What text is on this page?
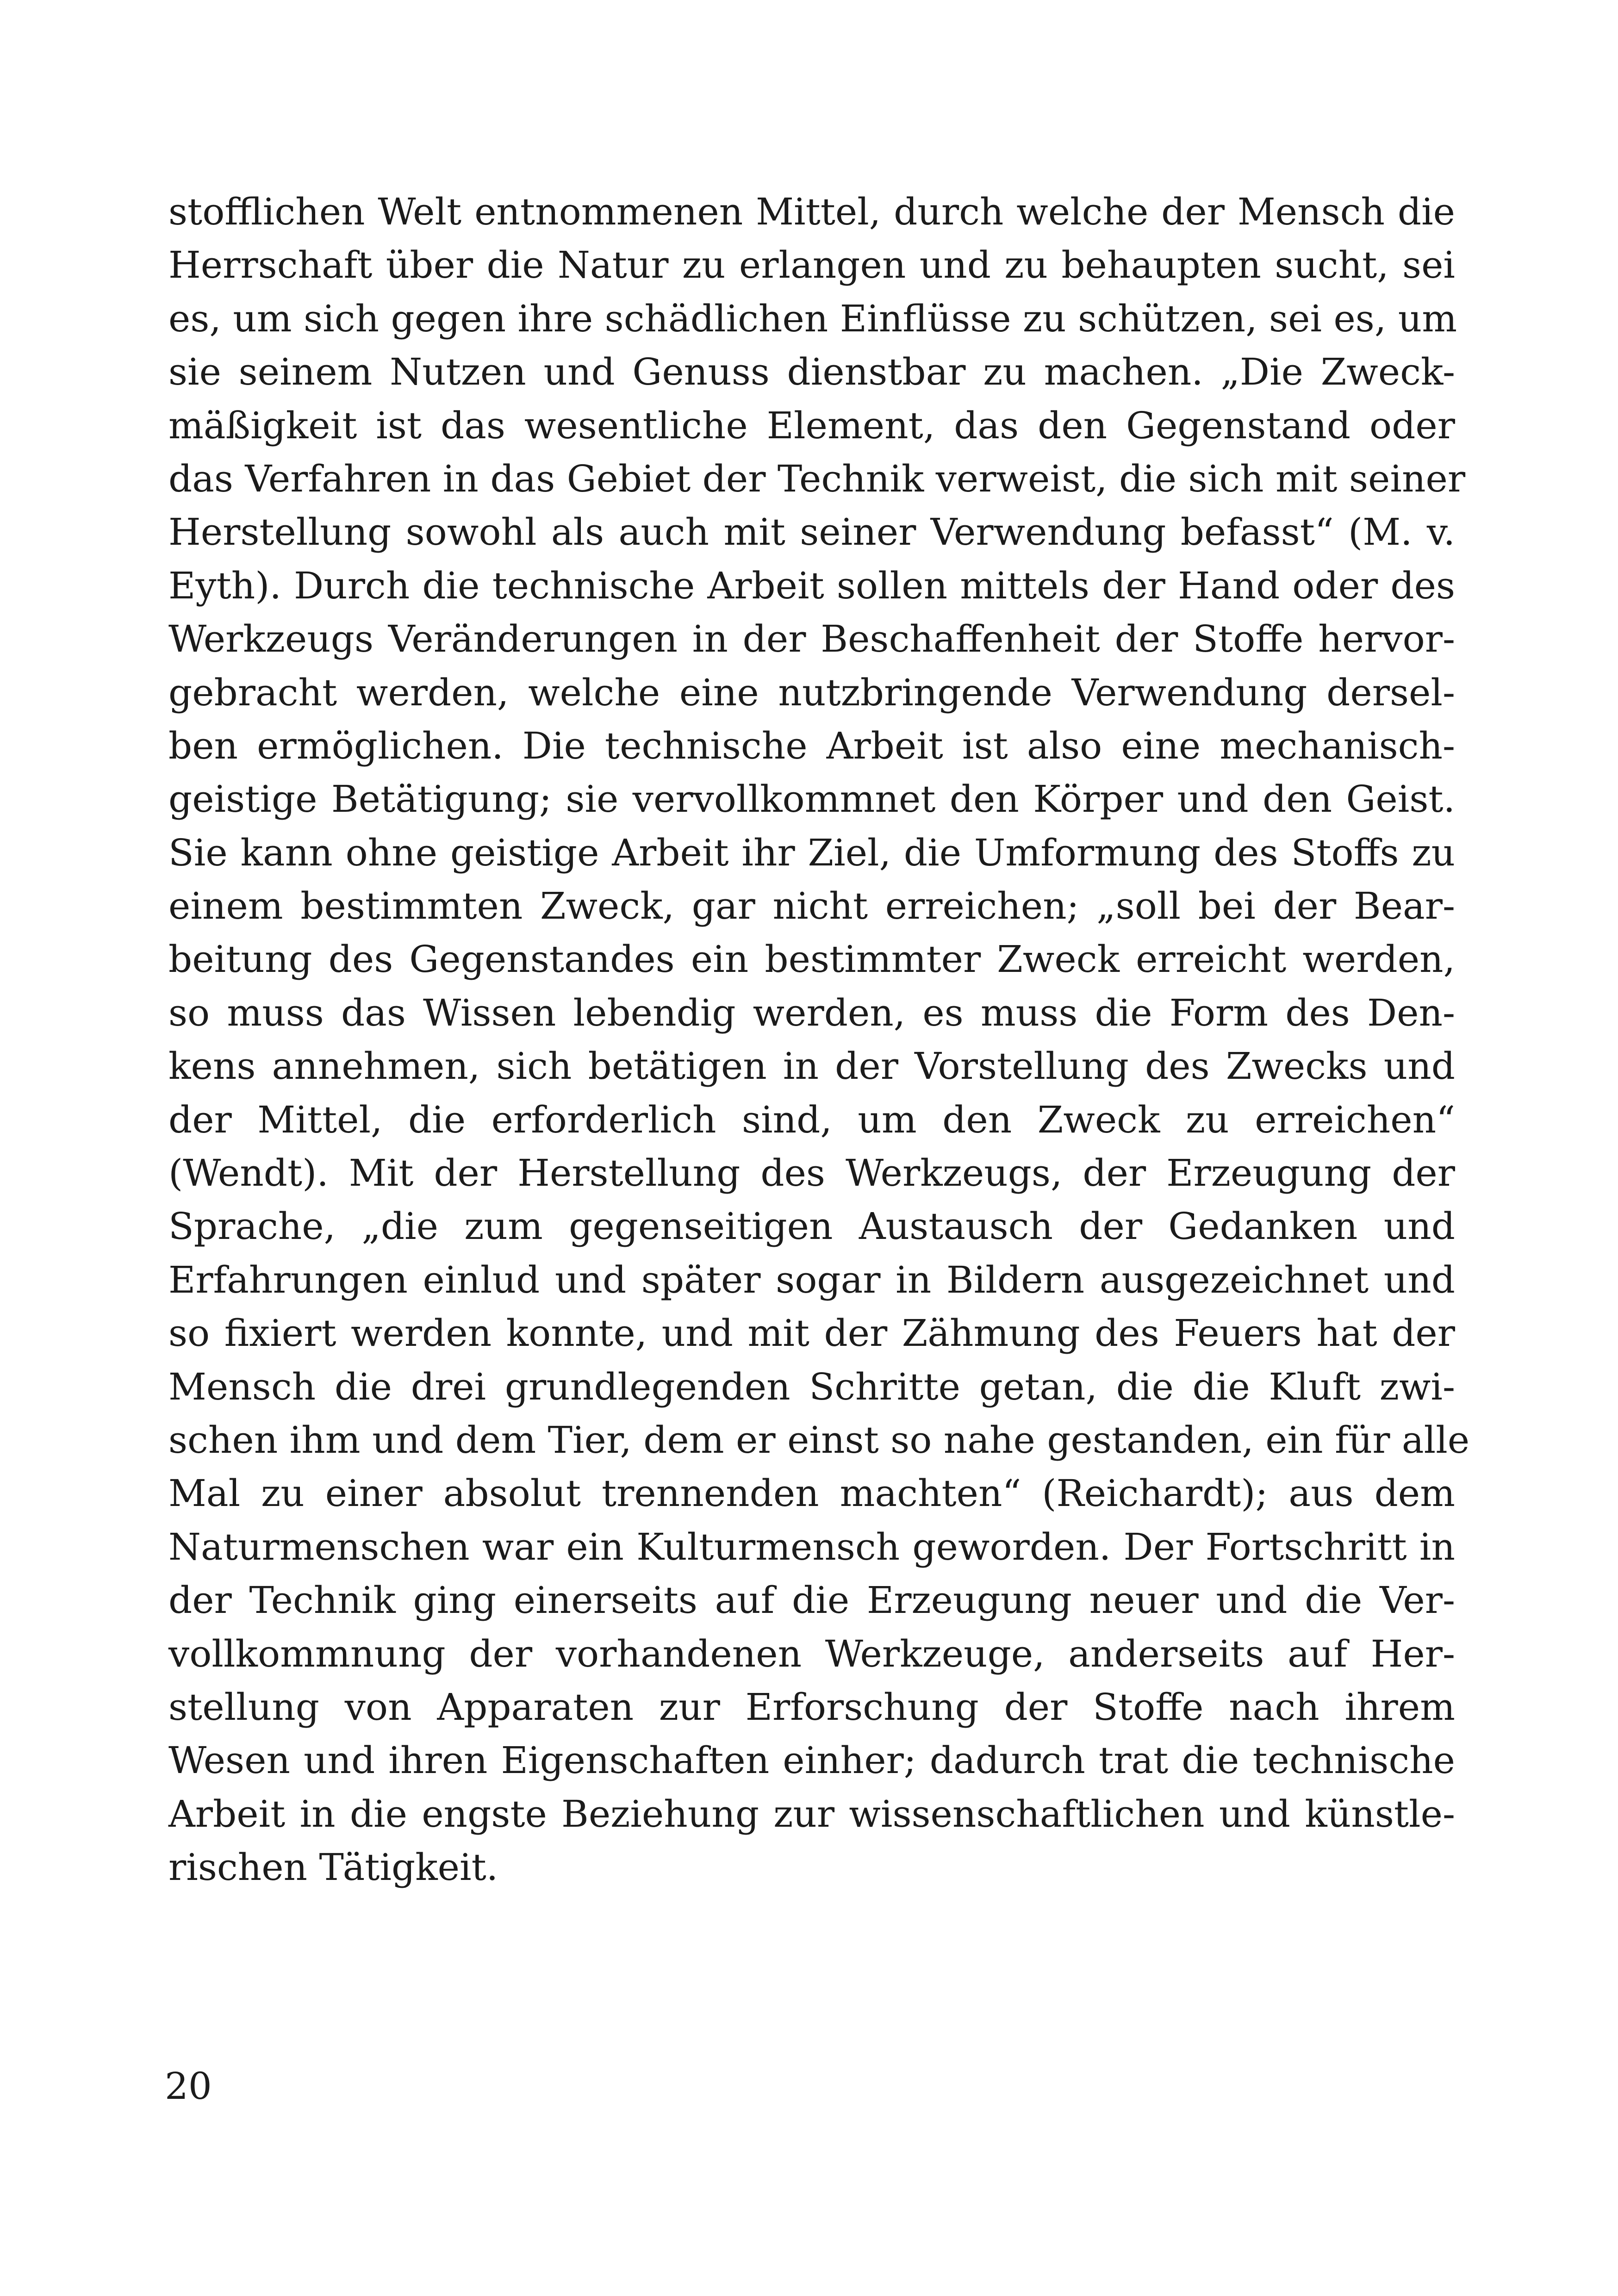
stofflichen Welt entnommenen Mittel, durch welche der Mensch die
Herrschaft über die Natur zu erlangen und zu behaupten sucht, sei
es, um sich gegen ihre schädlichen Einflüsse zu schützen, sei es, um
sie seinem Nutzen und Genuss dienstbar zu machen. „Die Zweck-
mäßigkeit ist das wesentliche Element, das den Gegenstand oder
das Verfahren in das Gebiet der Technik verweist, die sich mit seiner
Herstellung sowohl als auch mit seiner Verwendung befasst“ (M. v.
Eyth). Durch die technische Arbeit sollen mittels der Hand oder des
Werkzeugs Veränderungen in der Beschaffenheit der Stoffe hervor-
gebracht werden, welche eine nutzbringende Verwendung dersel-
ben ermöglichen. Die technische Arbeit ist also eine mechanisch-
geistige Betätigung; sie vervollkommnet den Körper und den Geist.
Sie kann ohne geistige Arbeit ihr Ziel, die Umformung des Stoffs zu
einem bestimmten Zweck, gar nicht erreichen; „soll bei der Bear-
beitung des Gegenstandes ein bestimmter Zweck erreicht werden,
so muss das Wissen lebendig werden, es muss die Form des Den-
kens annehmen, sich betätigen in der Vorstellung des Zwecks und
der Mittel, die erforderlich sind, um den Zweck zu erreichen“
(Wendt). Mit der Herstellung des Werkzeugs, der Erzeugung der
Sprache, „die zum gegenseitigen Austausch der Gedanken und
Erfahrungen einlud und später sogar in Bildern ausgezeichnet und
so fixiert werden konnte, und mit der Zähmung des Feuers hat der
Mensch die drei grundlegenden Schritte getan, die die Kluft zwi-
schen ihm und dem Tier, dem er einst so nahe gestanden, ein für alle
Mal zu einer absolut trennenden machten“ (Reichardt); aus dem
Naturmenschen war ein Kulturmensch geworden. Der Fortschritt in
der Technik ging einerseits auf die Erzeugung neuer und die Ver-
vollkommnung der vorhandenen Werkzeuge, anderseits auf Her-
stellung von Apparaten zur Erforschung der Stoffe nach ihrem
Wesen und ihren Eigenschaften einher; dadurch trat die technische
Arbeit in die engste Beziehung zur wissenschaftlichen und künstle-
rischen Tätigkeit.
20
